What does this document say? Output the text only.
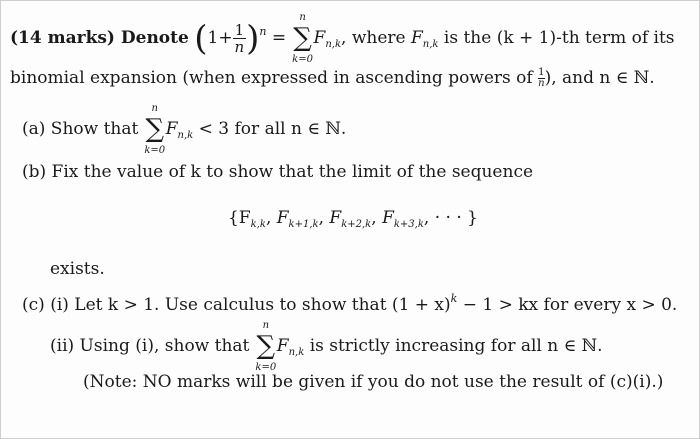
(14 marks) Denote $(1+ \frac{1}{n} )^n$ =
n
∑
k=0
$F_{n,k}$, where $F_{n,k}$ is the (k + 1)-th term of its
binomial expansion (when expressed in ascending powers of $\frac{1}{n}$ ), and n ∈ ℕ.
(a) Show that
n
∑
k=0
$F_{n,k} < 3$ for all n ∈ ℕ.
(b) Fix the value of k to show that the limit of the sequence
{$F_{k,k}$, $F_{k+1,k}$, $F_{k+2,k}$, $F_{k+3,k}$, · · · }
exists.
(c) (i) Let k > 1. Use calculus to show that $(1 + x)^k - 1$ > kx for every x > 0.
(ii) Using (i), show that
n
∑
k=0
$F_{n,k}$ is strictly increasing for all n ∈ ℕ.
(Note: NO marks will be given if you do not use the result of (c)(i).)
